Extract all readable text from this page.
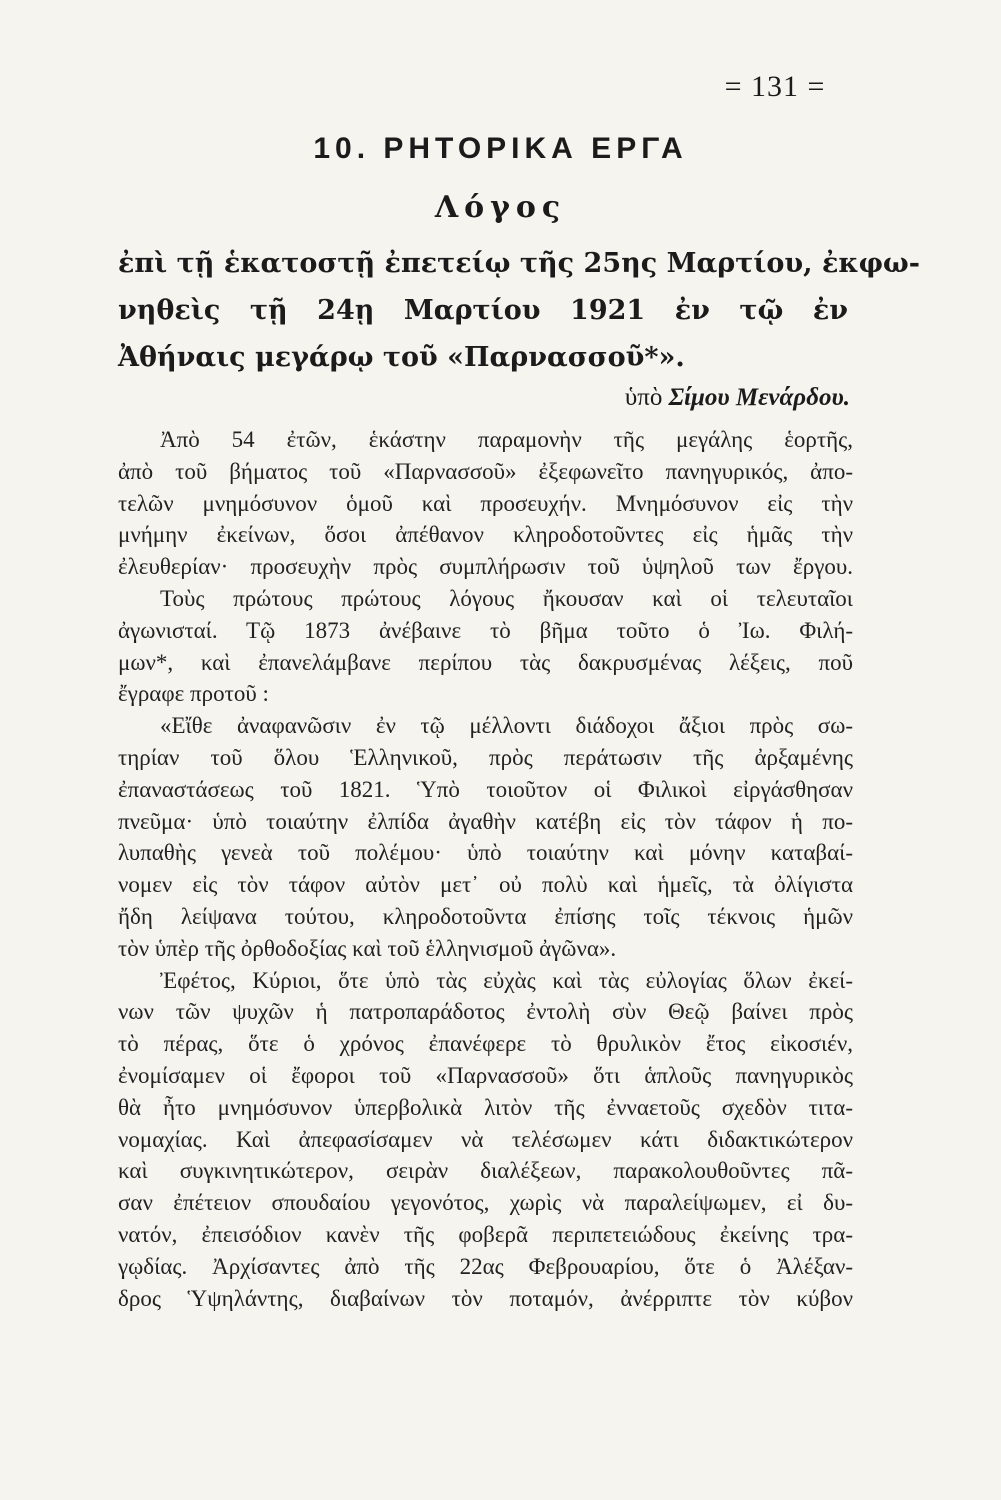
= 131 =
10. ΡΗΤΟΡΙΚΑ ΕΡΓΑ
Λόγος
ἐπὶ τῇ ἑκατοστῇ ἐπετείῳ τῆς 25ης Μαρτίου, ἐκφω-
νηθεὶς τῇ 24ῃ Μαρτίου 1921 ἐν τῷ ἐν
Ἀθήναις μεγάρῳ τοῦ «Παρνασσοῦ*».
ὑπὸ Σίμου Μενάρδου.
Ἀπὸ 54 ἐτῶν, ἑκάστην παραμονὴν τῆς μεγάλης ἑορτῆς,
ἀπὸ τοῦ βήματος τοῦ «Παρνασσοῦ» ἐξεφωνεῖτο πανηγυρικός, ἀπο-
τελῶν μνημόσυνον ὁμοῦ καὶ προσευχήν. Μνημόσυνον εἰς τὴν
μνήμην ἐκείνων, ὅσοι ἀπέθανον κληροδοτοῦντες εἰς ἡμᾶς τὴν
ἐλευθερίαν· προσευχὴν πρὸς συμπλήρωσιν τοῦ ὑψηλοῦ των ἔργου.
Τοὺς πρώτους πρώτους λόγους ἤκουσαν καὶ οἱ τελευταῖοι
ἀγωνισταί. Τῷ 1873 ἀνέβαινε τὸ βῆμα τοῦτο ὁ Ἰω. Φιλή-
μων*, καὶ ἐπανελάμβανε περίπου τὰς δακρυσμένας λέξεις, ποῦ
ἔγραφε προτοῦ :
«Εἴθε ἀναφανῶσιν ἐν τῷ μέλλοντι διάδοχοι ἄξιοι πρὸς σω-
τηρίαν τοῦ ὅλου Ἑλληνικοῦ, πρὸς περάτωσιν τῆς ἀρξαμένης
ἐπαναστάσεως τοῦ 1821. Ὑπὸ τοιοῦτον οἱ Φιλικοὶ εἰργάσθησαν
πνεῦμα· ὑπὸ τοιαύτην ἐλπίδα ἀγαθὴν κατέβη εἰς τὸν τάφον ἡ πο-
λυπαθὴς γενεὰ τοῦ πολέμου· ὑπὸ τοιαύτην καὶ μόνην καταβαί-
νομεν εἰς τὸν τάφον αὐτὸν μετ᾽ οὐ πολὺ καὶ ἡμεῖς, τὰ ὀλίγιστα
ἤδη λείψανα τούτου, κληροδοτοῦντα ἐπίσης τοῖς τέκνοις ἡμῶν
τὸν ὑπὲρ τῆς ὀρθοδοξίας καὶ τοῦ ἑλληνισμοῦ ἀγῶνα».
Ἐφέτος, Κύριοι, ὅτε ὑπὸ τὰς εὐχὰς καὶ τὰς εὐλογίας ὅλων ἐκεί-
νων τῶν ψυχῶν ἡ πατροπαράδοτος ἐντολὴ σὺν Θεῷ βαίνει πρὸς
τὸ πέρας, ὅτε ὁ χρόνος ἐπανέφερε τὸ θρυλικὸν ἔτος εἰκοσιέν,
ἐνομίσαμεν οἱ ἔφοροι τοῦ «Παρνασσοῦ» ὅτι ἁπλοῦς πανηγυρικὸς
θὰ ἦτο μνημόσυνον ὑπερβολικὰ λιτὸν τῆς ἐνναετοῦς σχεδὸν τιτα-
νομαχίας. Καὶ ἀπεφασίσαμεν νὰ τελέσωμεν κάτι διδακτικώτερον
καὶ συγκινητικώτερον, σειρὰν διαλέξεων, παρακολουθοῦντες πᾶ-
σαν ἐπέτειον σπουδαίου γεγονότος, χωρὶς νὰ παραλείψωμεν, εἰ δυ-
νατόν, ἐπεισόδιον κανὲν τῆς φοβερᾶ περιπετειώδους ἐκείνης τρα-
γῳδίας. Ἀρχίσαντες ἀπὸ τῆς 22ας Φεβρουαρίου, ὅτε ὁ Ἀλέξαν-
δρος Ὑψηλάντης, διαβαίνων τὸν ποταμόν, ἀνέρριπτε τὸν κύβον
